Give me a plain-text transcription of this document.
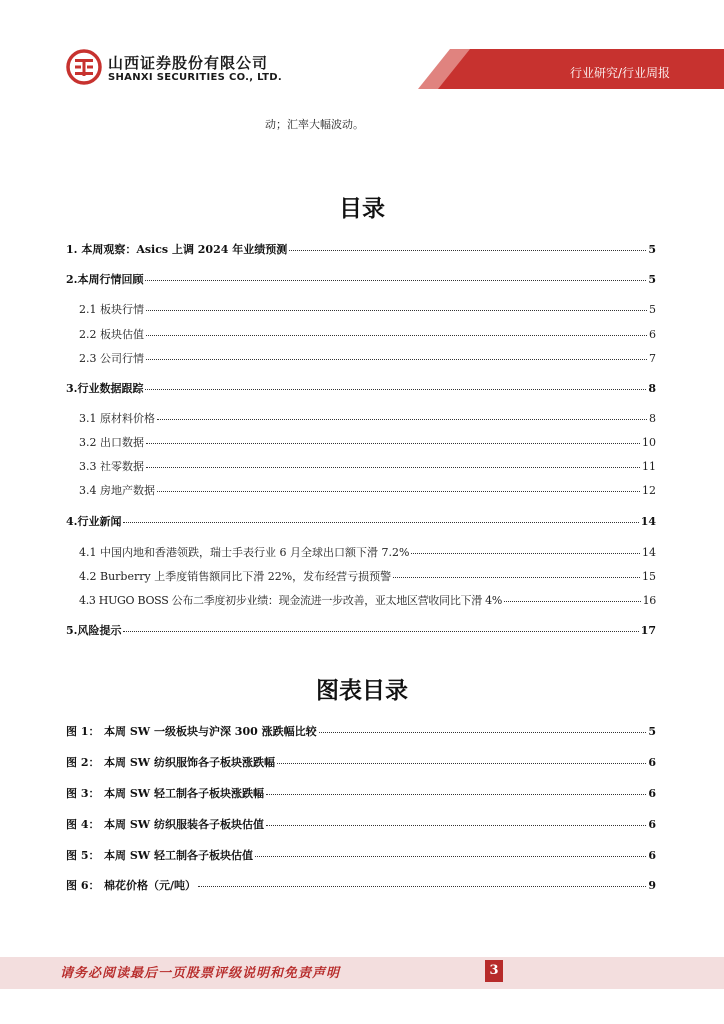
山西证券股份有限公司
SHANXI SECURITIES CO., LTD.	行业研究/行业周报
动；汇率大幅波动。
目录
1. 本周观察：Asics 上调 2024 年业绩预测	5
2.本周行情回顾	5
2.1 板块行情	5
2.2 板块估值	6
2.3 公司行情	7
3.行业数据跟踪	8
3.1 原材料价格	8
3.2 出口数据	10
3.3 社零数据	11
3.4 房地产数据	12
4.行业新闻	14
4.1 中国内地和香港领跌，瑞士手表行业 6 月全球出口额下滑 7.2%	14
4.2 Burberry 上季度销售额同比下滑 22%，发布经营亏损预警	15
4.3 HUGO BOSS 公布二季度初步业绩：现金流进一步改善，亚太地区营收同比下滑 4%	16
5.风险提示	17
图表目录
图 1： 本周 SW 一级板块与沪深 300 涨跌幅比较	5
图 2： 本周 SW 纺织服饰各子板块涨跌幅	6
图 3： 本周 SW 轻工制各子板块涨跌幅	6
图 4： 本周 SW 纺织服装各子板块估值	6
图 5： 本周 SW 轻工制各子板块估值	6
图 6： 棉花价格（元/吨）	9
请务必阅读最后一页股票评级说明和免责声明	3
